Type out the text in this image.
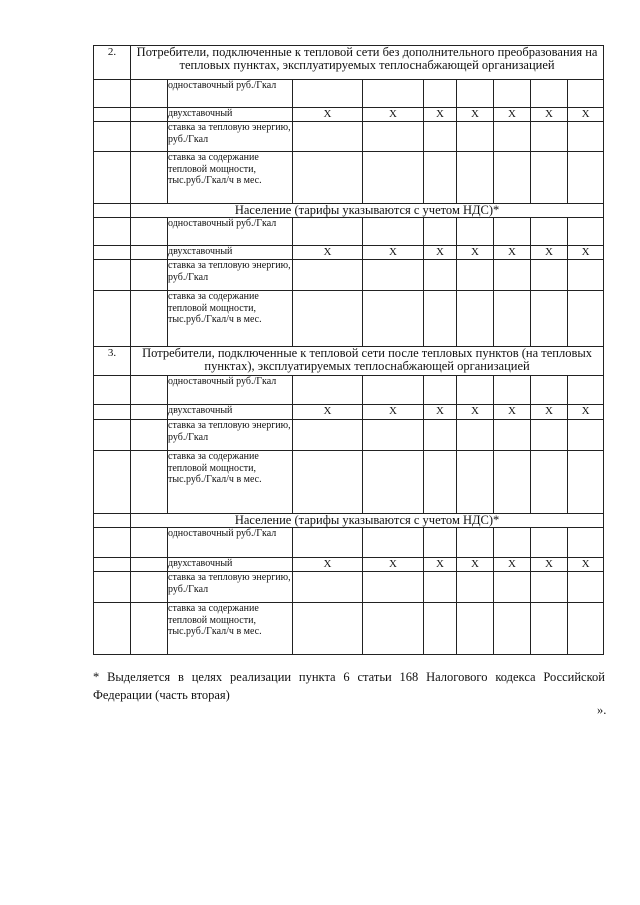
2.	Потребители, подключенные к тепловой сети без дополнительного преобразования на тепловых пунктах, эксплуатируемых теплоснабжающей организацией								
		одноставочный руб./Гкал							
		двухставочный	X	X	X	X	X	X	X
		ставка за тепловую энергию, руб./Гкал							
		ставка за содержание тепловой мощности, тыс.руб./Гкал/ч в мес.							
	Население (тарифы указываются с учетом НДС)*								
		одноставочный руб./Гкал							
		двухставочный	X	X	X	X	X	X	X
		ставка за тепловую энергию, руб./Гкал							
		ставка за содержание тепловой мощности, тыс.руб./Гкал/ч в мес.							
3.	Потребители, подключенные к тепловой сети после тепловых пунктов (на тепловых пунктах), эксплуатируемых теплоснабжающей организацией								
		одноставочный руб./Гкал							
		двухставочный	X	X	X	X	X	X	X
		ставка за тепловую энергию, руб./Гкал							
		ставка за содержание тепловой мощности, тыс.руб./Гкал/ч в мес.							
	Население (тарифы указываются с учетом НДС)*								
		одноставочный руб./Гкал							
		двухставочный	X	X	X	X	X	X	X
		ставка за тепловую энергию, руб./Гкал							
		ставка за содержание тепловой мощности, тыс.руб./Гкал/ч в мес.							
* Выделяется в целях реализации пункта 6 статьи 168 Налогового кодекса Российской Федерации (часть вторая)
».
